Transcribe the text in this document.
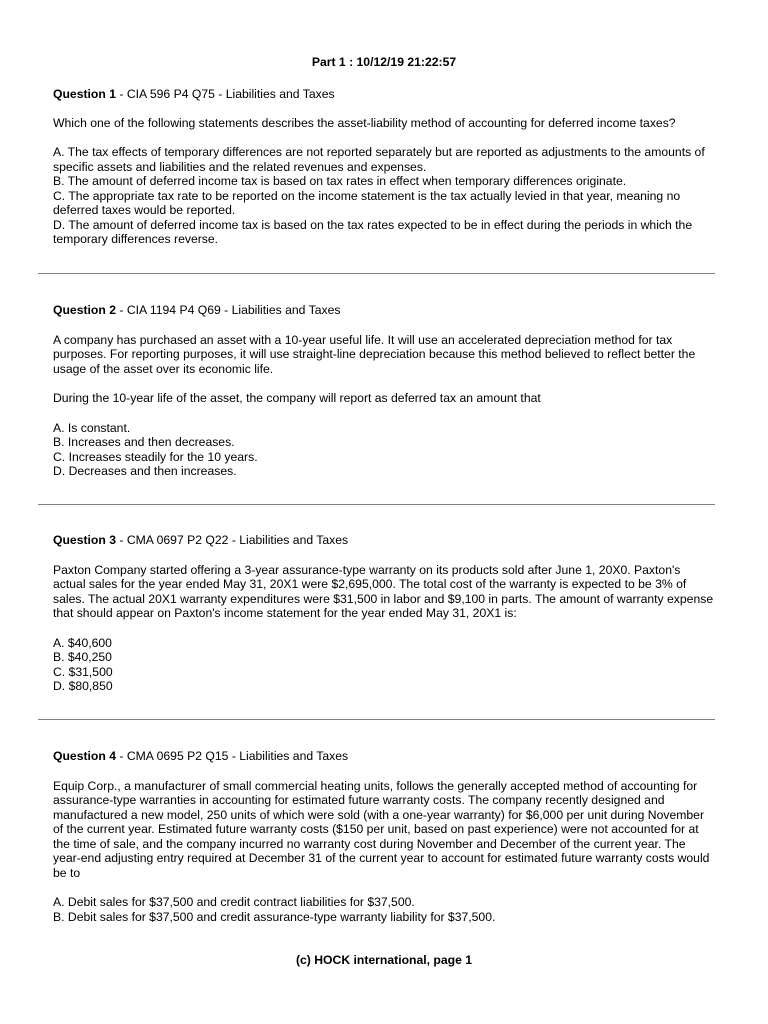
Part 1 : 10/12/19 21:22:57
Question 1 - CIA 596 P4 Q75 - Liabilities and Taxes
Which one of the following statements describes the asset-liability method of accounting for deferred income taxes?
A. The tax effects of temporary differences are not reported separately but are reported as adjustments to the amounts of specific assets and liabilities and the related revenues and expenses.
B. The amount of deferred income tax is based on tax rates in effect when temporary differences originate.
C. The appropriate tax rate to be reported on the income statement is the tax actually levied in that year, meaning no deferred taxes would be reported.
D. The amount of deferred income tax is based on the tax rates expected to be in effect during the periods in which the temporary differences reverse.
Question 2 - CIA 1194 P4 Q69 - Liabilities and Taxes
A company has purchased an asset with a 10-year useful life. It will use an accelerated depreciation method for tax purposes. For reporting purposes, it will use straight-line depreciation because this method believed to reflect better the usage of the asset over its economic life.
During the 10-year life of the asset, the company will report as deferred tax an amount that
A. Is constant.
B. Increases and then decreases.
C. Increases steadily for the 10 years.
D. Decreases and then increases.
Question 3 - CMA 0697 P2 Q22 - Liabilities and Taxes
Paxton Company started offering a 3-year assurance-type warranty on its products sold after June 1, 20X0. Paxton's actual sales for the year ended May 31, 20X1 were $2,695,000. The total cost of the warranty is expected to be 3% of sales. The actual 20X1 warranty expenditures were $31,500 in labor and $9,100 in parts. The amount of warranty expense that should appear on Paxton's income statement for the year ended May 31, 20X1 is:
A. $40,600
B. $40,250
C. $31,500
D. $80,850
Question 4 - CMA 0695 P2 Q15 - Liabilities and Taxes
Equip Corp., a manufacturer of small commercial heating units, follows the generally accepted method of accounting for assurance-type warranties in accounting for estimated future warranty costs. The company recently designed and manufactured a new model, 250 units of which were sold (with a one-year warranty) for $6,000 per unit during November of the current year. Estimated future warranty costs ($150 per unit, based on past experience) were not accounted for at the time of sale, and the company incurred no warranty cost during November and December of the current year. The year-end adjusting entry required at December 31 of the current year to account for estimated future warranty costs would be to
A. Debit sales for $37,500 and credit contract liabilities for $37,500.
B. Debit sales for $37,500 and credit assurance-type warranty liability for $37,500.
(c) HOCK international, page 1
